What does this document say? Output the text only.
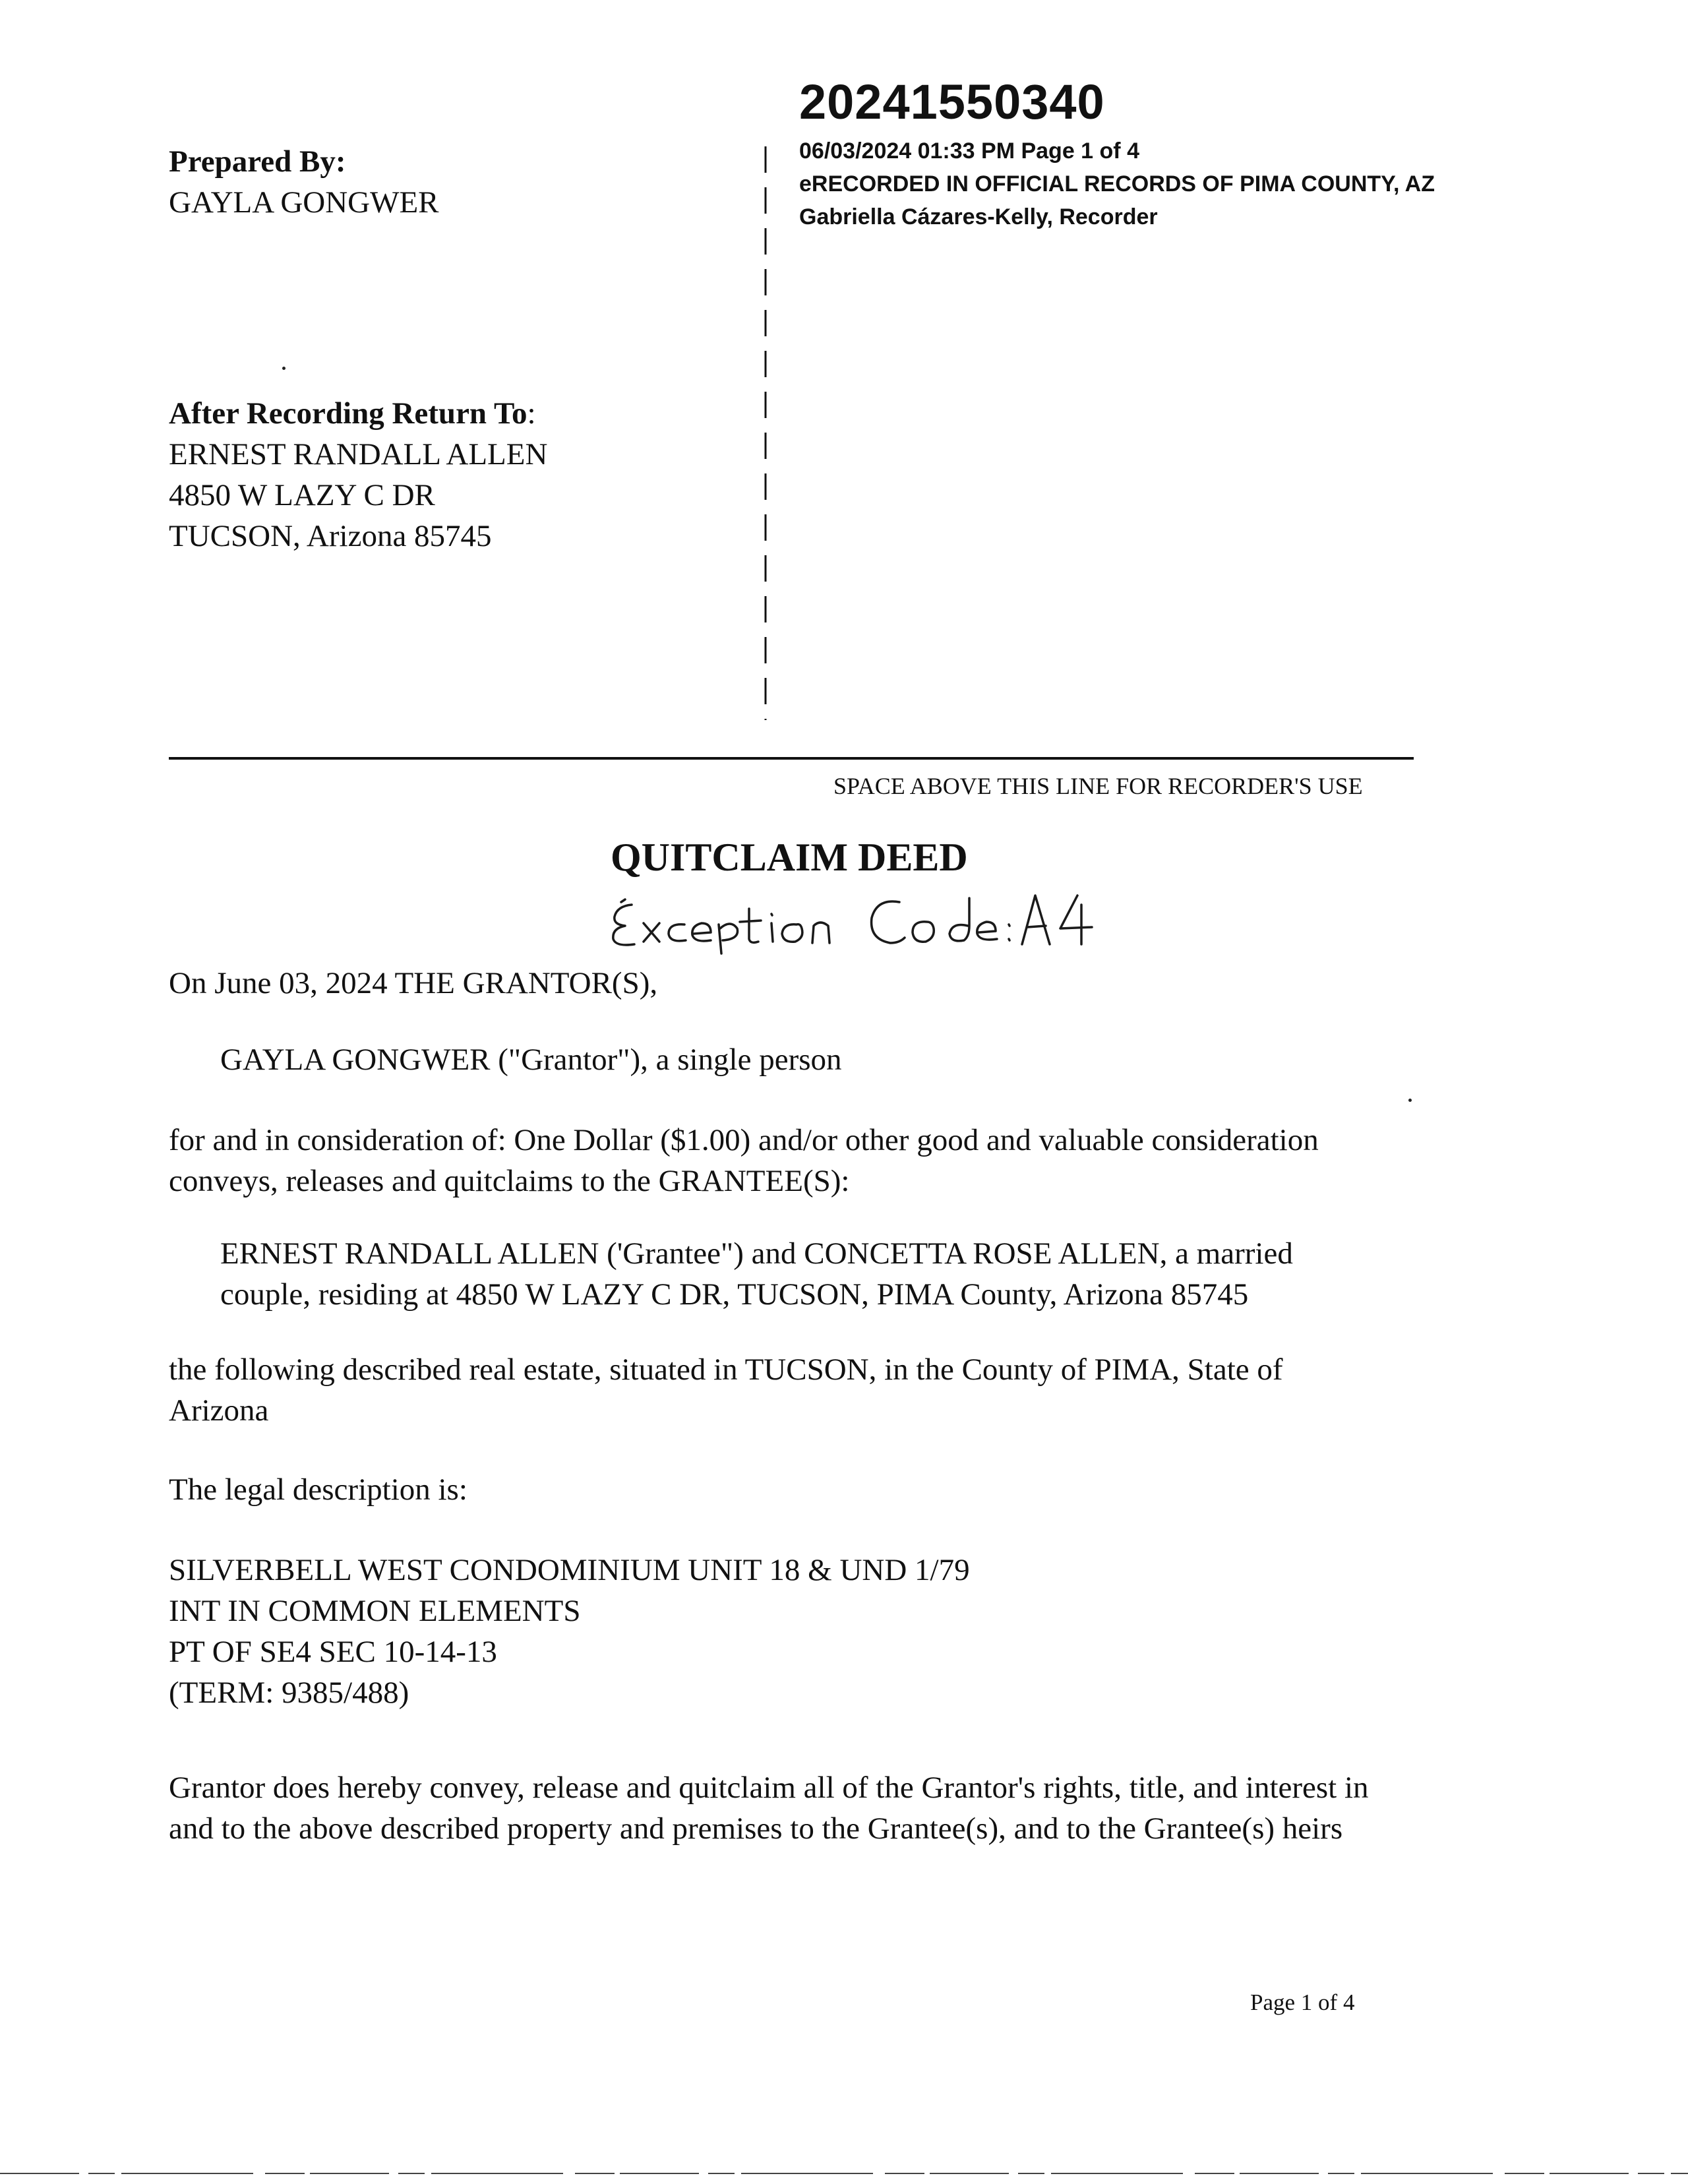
20241550340
06/03/2024 01:33 PM Page 1 of 4
eRECORDED IN OFFICIAL RECORDS OF PIMA COUNTY, AZ
Gabriella Cázares-Kelly, Recorder
Prepared By:
GAYLA GONGWER
After Recording Return To:
ERNEST RANDALL ALLEN
4850 W LAZY C DR
TUCSON, Arizona 85745
SPACE ABOVE THIS LINE FOR RECORDER'S USE
QUITCLAIM DEED
On June 03, 2024 THE GRANTOR(S),
GAYLA GONGWER ("Grantor"), a single person
for and in consideration of: One Dollar ($1.00) and/or other good and valuable consideration
conveys, releases and quitclaims to the GRANTEE(S):
ERNEST RANDALL ALLEN ('Grantee") and CONCETTA ROSE ALLEN, a married
couple, residing at 4850 W LAZY C DR, TUCSON, PIMA County, Arizona 85745
the following described real estate, situated in TUCSON, in the County of PIMA, State of
Arizona
The legal description is:
SILVERBELL WEST CONDOMINIUM UNIT 18 & UND 1/79
INT IN COMMON ELEMENTS
PT OF SE4 SEC 10-14-13
(TERM: 9385/488)
Grantor does hereby convey, release and quitclaim all of the Grantor's rights, title, and interest in
and to the above described property and premises to the Grantee(s), and to the Grantee(s) heirs
Page 1 of 4
